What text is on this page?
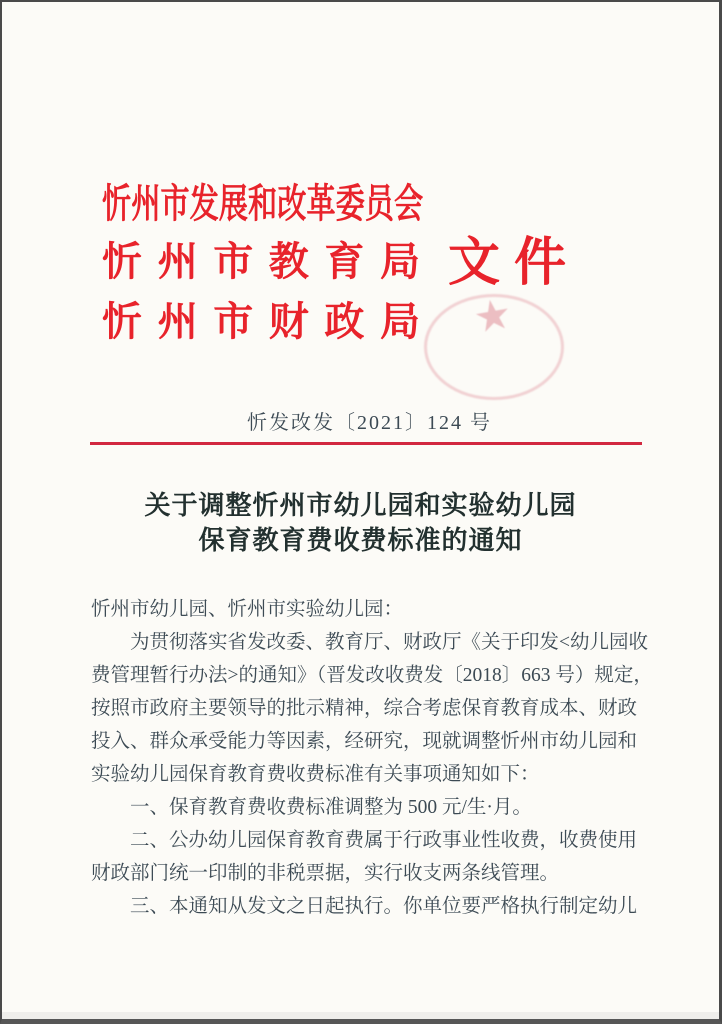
忻州市发展和改革委员会
忻 州 市 教 育 局
忻 州 市 财 政 局
文件
★
忻发改发〔2021〕124 号
关于调整忻州市幼儿园和实验幼儿园
保育教育费收费标准的通知
忻州市幼儿园、忻州市实验幼儿园：
为贯彻落实省发改委、教育厅、财政厅《关于印发<幼儿园收
费管理暂行办法>的通知》（晋发改收费发〔2018〕663 号）规定，
按照市政府主要领导的批示精神，综合考虑保育教育成本、财政
投入、群众承受能力等因素，经研究，现就调整忻州市幼儿园和
实验幼儿园保育教育费收费标准有关事项通知如下：
一、保育教育费收费标准调整为 500 元/生·月。
二、公办幼儿园保育教育费属于行政事业性收费，收费使用
财政部门统一印制的非税票据，实行收支两条线管理。
三、本通知从发文之日起执行。你单位要严格执行制定幼儿
